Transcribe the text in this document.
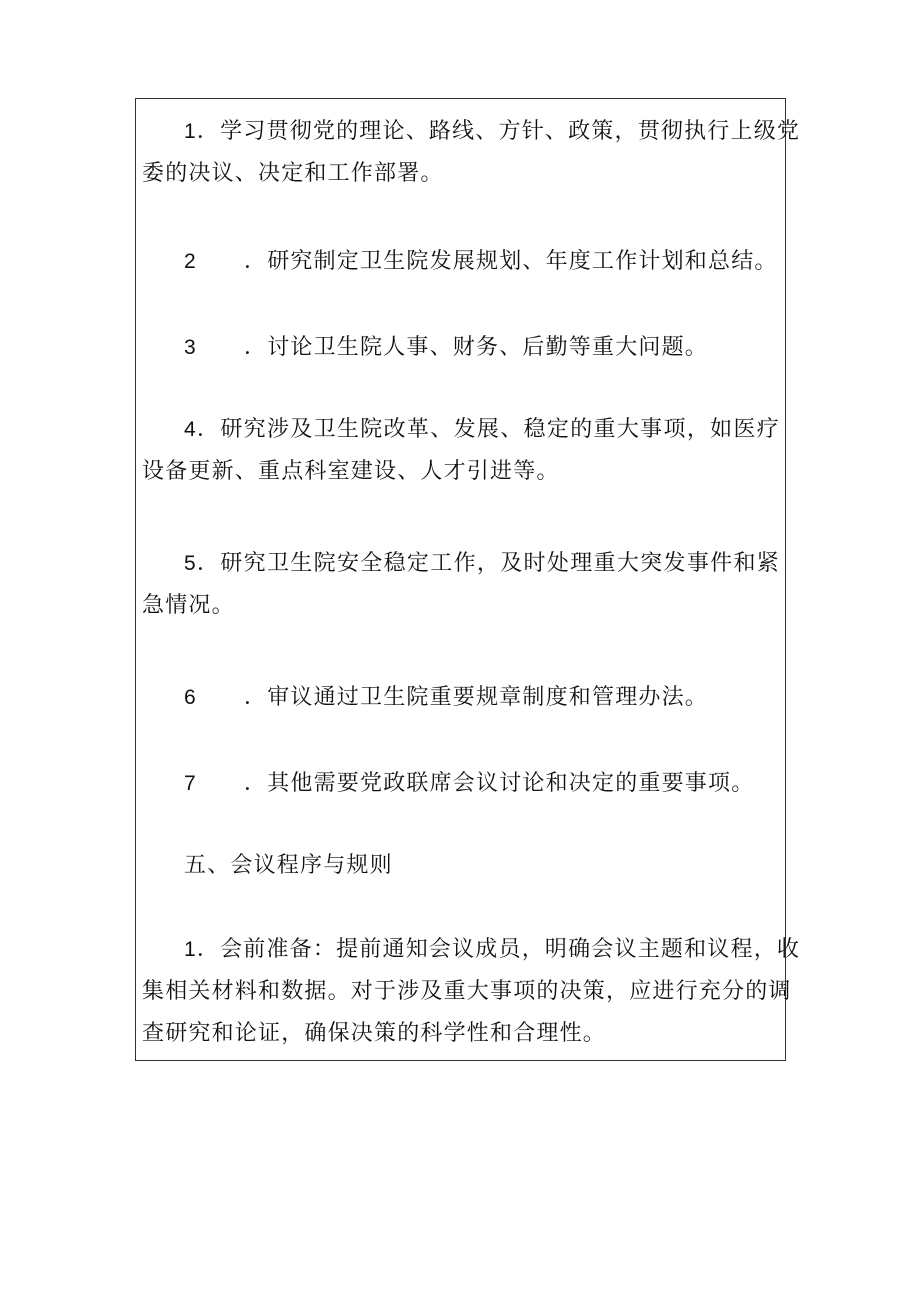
1．学习贯彻党的理论、路线、方针、政策，贯彻执行上级党
委的决议、决定和工作部署。
2 ．研究制定卫生院发展规划、年度工作计划和总结。
3 ．讨论卫生院人事、财务、后勤等重大问题。
4．研究涉及卫生院改革、发展、稳定的重大事项，如医疗
设备更新、重点科室建设、人才引进等。
5．研究卫生院安全稳定工作，及时处理重大突发事件和紧
急情况。
6 ．审议通过卫生院重要规章制度和管理办法。
7 ．其他需要党政联席会议讨论和决定的重要事项。
五、会议程序与规则
1．会前准备：提前通知会议成员，明确会议主题和议程，收
集相关材料和数据。对于涉及重大事项的决策，应进行充分的调
查研究和论证，确保决策的科学性和合理性。
